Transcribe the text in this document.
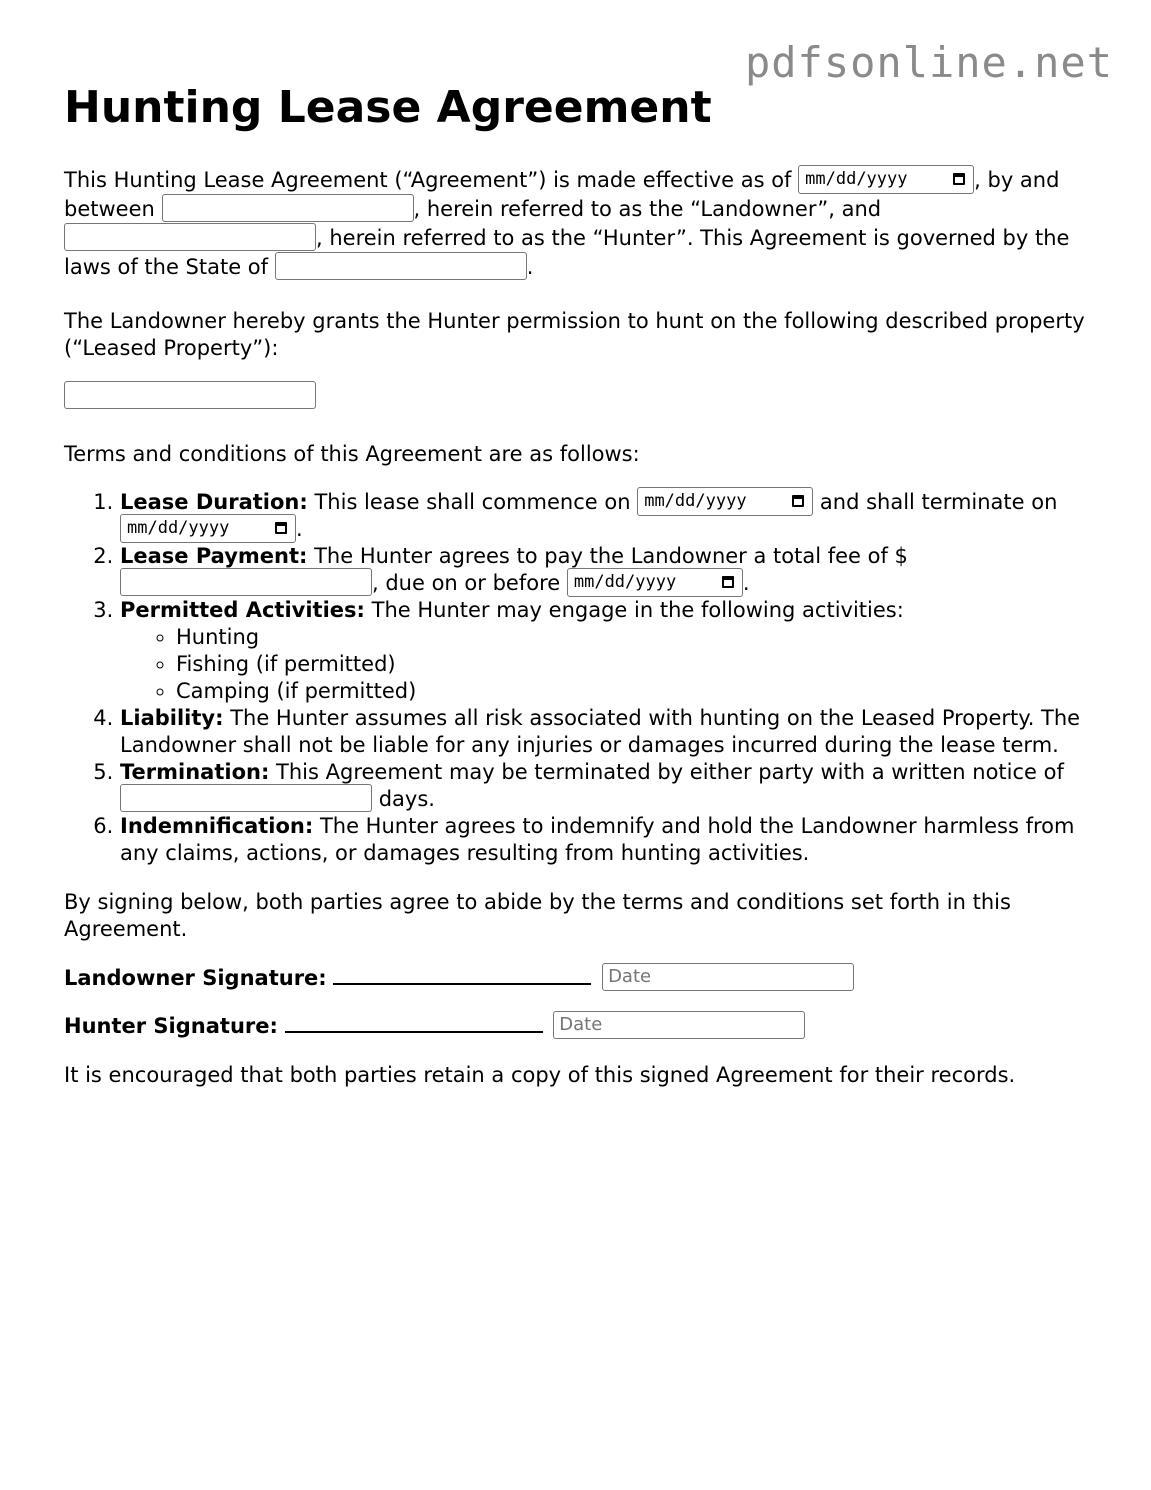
pdfsonline.net
Hunting Lease Agreement

This Hunting Lease Agreement (“Agreement”) is made effective as of mm/dd/yyyy	, by and between	, herein referred to as the “Landowner”, and , herein referred to as the “Hunter”. This Agreement is governed by the laws of the State of	.

The Landowner hereby grants the Hunter permission to hunt on the following described property (“Leased Property”):

Terms and conditions of this Agreement are as follows:

1. Lease Duration: This lease shall commence on mm/dd/yyyy	and shall terminate on mm/dd/yyyy	.
2. Lease Payment: The Hunter agrees to pay the Landowner a total fee of $ , due on or before mm/dd/yyyy	.
3. Permitted Activities: The Hunter may engage in the following activities:
◦ Hunting
◦ Fishing (if permitted)
◦ Camping (if permitted)
4. Liability: The Hunter assumes all risk associated with hunting on the Leased Property. The Landowner shall not be liable for any injuries or damages incurred during the lease term.
5. Termination: This Agreement may be terminated by either party with a written notice of  days.
6. Indemnification: The Hunter agrees to indemnify and hold the Landowner harmless from any claims, actions, or damages resulting from hunting activities.

By signing below, both parties agree to abide by the terms and conditions set forth in this Agreement.

Landowner Signature:	Date
Hunter Signature:	Date

It is encouraged that both parties retain a copy of this signed Agreement for their records.
